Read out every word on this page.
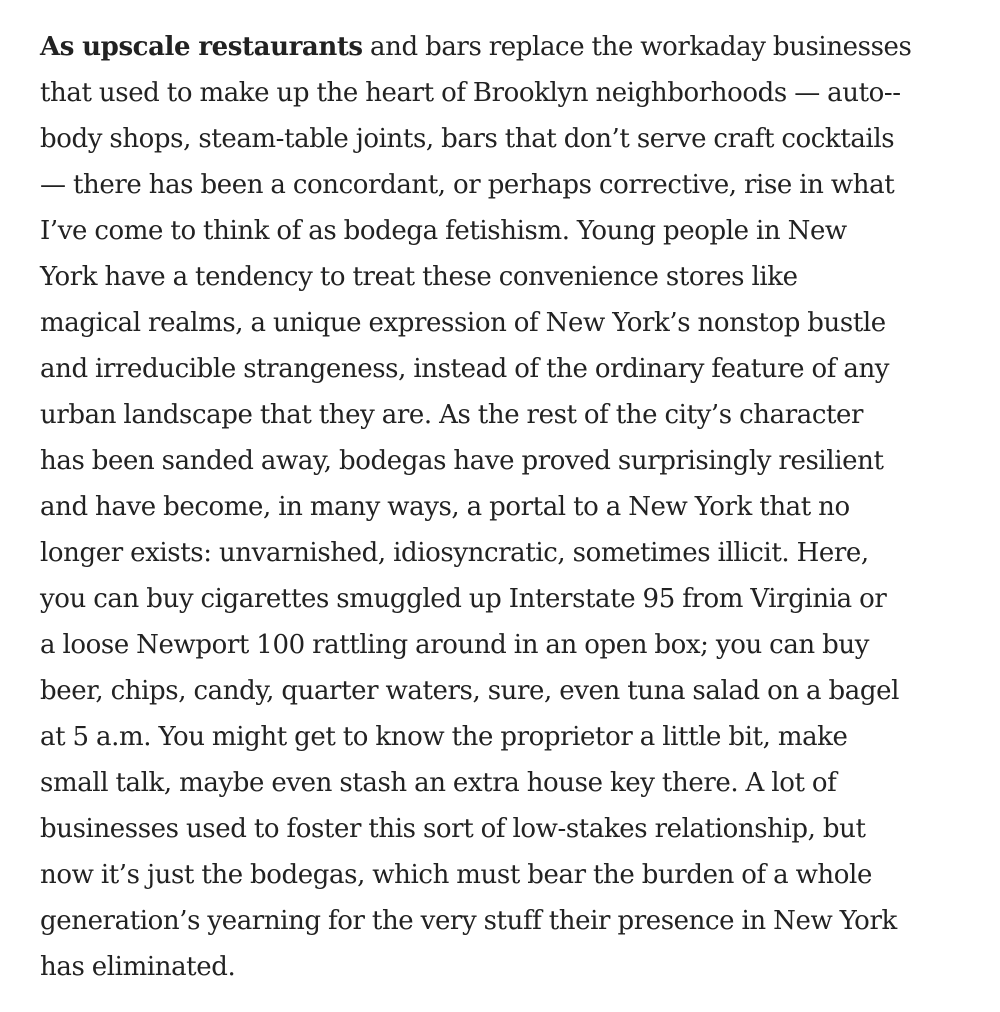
As upscale restaurants and bars replace the workaday businesses
that used to make up the heart of Brooklyn neighborhoods — auto--
body shops, steam-table joints, bars that don’t serve craft cocktails
— there has been a concordant, or perhaps corrective, rise in what
I’ve come to think of as bodega fetishism. Young people in New
York have a tendency to treat these convenience stores like
magical realms, a unique expression of New York’s nonstop bustle
and irreducible strangeness, instead of the ordinary feature of any
urban landscape that they are. As the rest of the city’s character
has been sanded away, bodegas have proved surprisingly resilient
and have become, in many ways, a portal to a New York that no
longer exists: unvarnished, idiosyncratic, sometimes illicit. Here,
you can buy cigarettes smuggled up Interstate 95 from Virginia or
a loose Newport 100 rattling around in an open box; you can buy
beer, chips, candy, quarter waters, sure, even tuna salad on a bagel
at 5 a.m. You might get to know the proprietor a little bit, make
small talk, maybe even stash an extra house key there. A lot of
businesses used to foster this sort of low-stakes relationship, but
now it’s just the bodegas, which must bear the burden of a whole
generation’s yearning for the very stuff their presence in New York
has eliminated.
